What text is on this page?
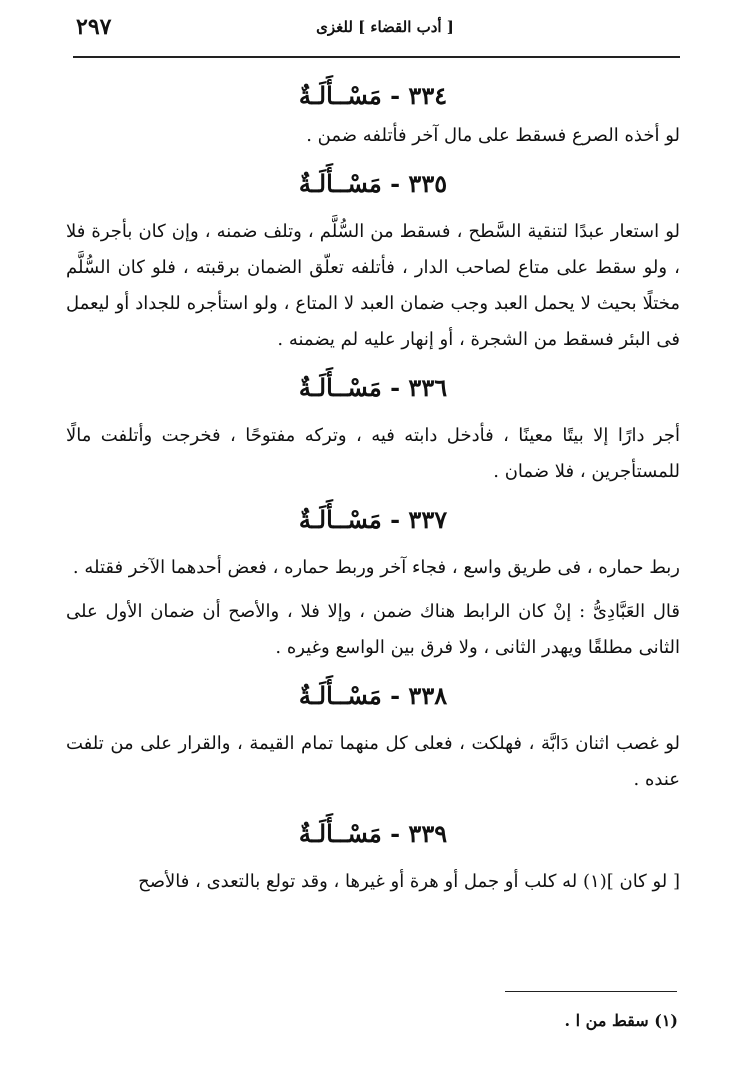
٢٩٧	[ أدب القضاء ] للغزى
٣٣٤ - مَسْــأَلَـةٌ

لو أخذه الصرع فسقط على مال آخر فأتلفه ضمن .

٣٣٥ - مَسْــأَلَـةٌ

لو استعار عبدًا لتنقية السَّطح ، فسقط من السُّلَّم ، وتلف ضمنه ، وإن كان بأجرة فلا ، ولو سقط على متاع لصاحب الدار ، فأتلفه تعلّق الضمان برقبته ، فلو كان السُّلَّم مختلًا بحيث لا يحمل العبد وجب ضمان العبد لا المتاع ، ولو استأجره للجداد أو ليعمل فى البئر فسقط من الشجرة ، أو إنهار عليه لم يضمنه .

٣٣٦ - مَسْــأَلَـةٌ

أجر دارًا إلا بيتًا معينًا ، فأدخل دابته فيه ، وتركه مفتوحًا ، فخرجت وأتلفت مالًا للمستأجرين ، فلا ضمان .

٣٣٧ - مَسْــأَلَـةٌ

ربط حماره ، فى طريق واسع ، فجاء آخر وربط حماره ، فعض أحدهما الآخر فقتله .

قال العَبَّادِىُّ : إنْ كان الرابط هناك ضمن ، وإلا فلا ، والأصح أن ضمان الأول على الثانى مطلقًا ويهدر الثانى ، ولا فرق بين الواسع وغيره .

٣٣٨ - مَسْــأَلَـةٌ

لو غصب اثنان دَابَّة ، فهلكت ، فعلى كل منهما تمام القيمة ، والقرار على من تلفت عنده .

٣٣٩ - مَسْــأَلَـةٌ

[ لو كان ](١) له كلب أو جمل أو هرة أو غيرها ، وقد تولع بالتعدى ، فالأصح

(١) سقط من ا .
